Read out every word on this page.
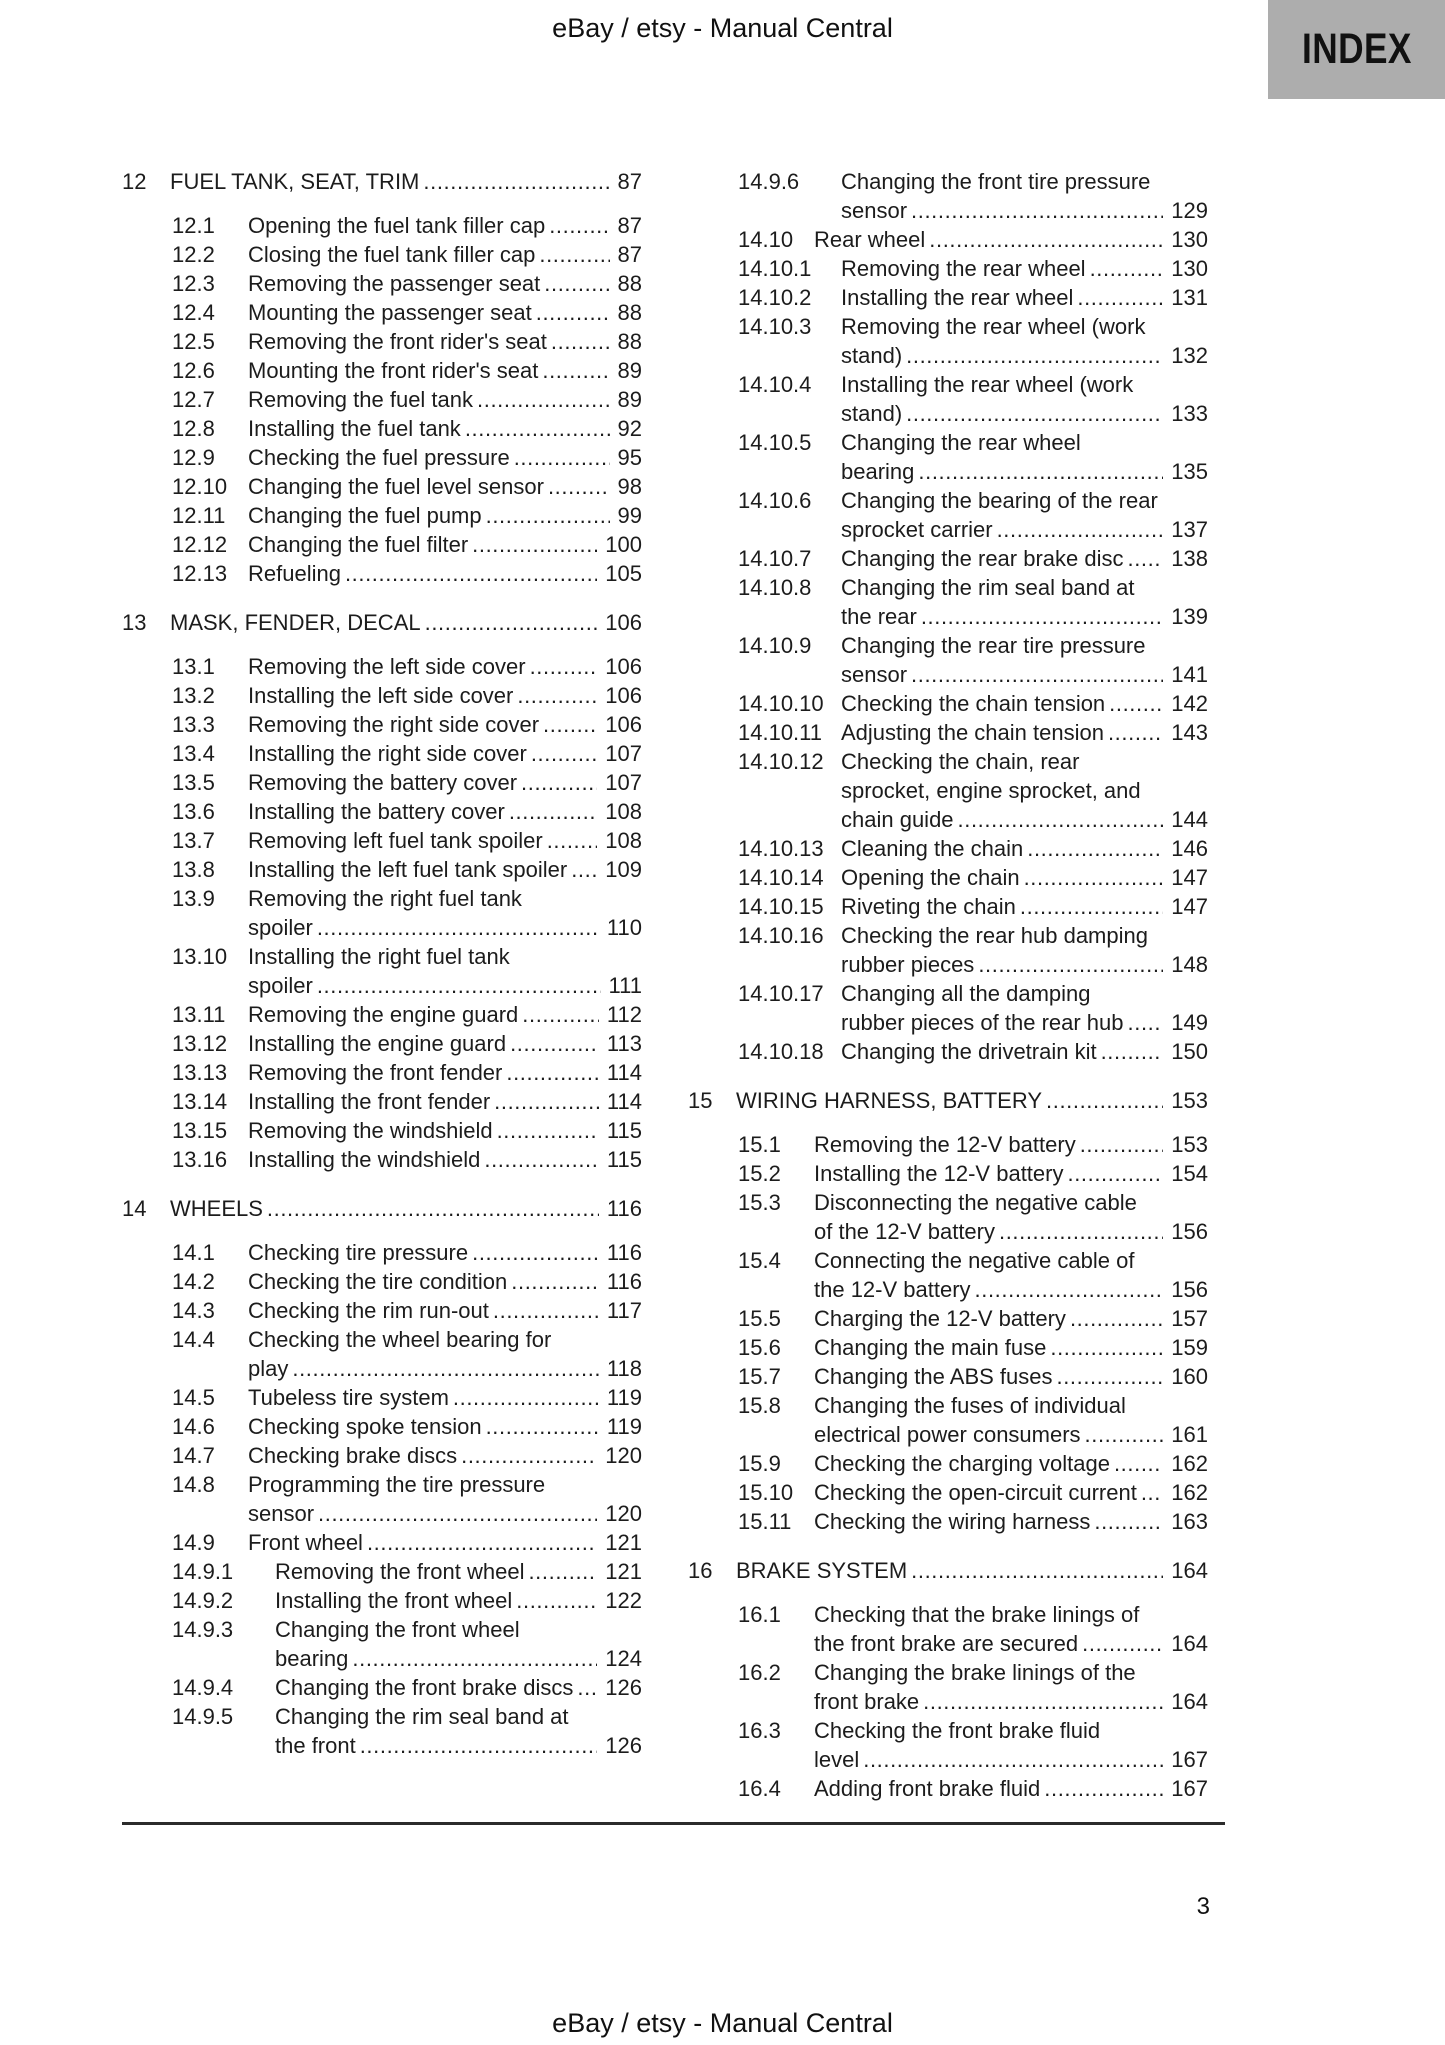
eBay / etsy - Manual Central	INDEX
12	FUEL TANK, SEAT, TRIM .....	87
12.1	Opening the fuel tank filler cap .....	87
12.2	Closing the fuel tank filler cap .....	87
12.3	Removing the passenger seat .....	88
12.4	Mounting the passenger seat .....	88
12.5	Removing the front rider's seat .....	88
12.6	Mounting the front rider's seat .....	89
12.7	Removing the fuel tank .....	89
12.8	Installing the fuel tank .....	92
12.9	Checking the fuel pressure .....	95
12.10 Changing the fuel level sensor .....	98
12.11	Changing the fuel pump .....	99
12.12 Changing the fuel filter .....	100
12.13 Refueling .....	105
13	MASK, FENDER, DECAL .....	106
13.1	Removing the left side cover .....	106
13.2	Installing the left side cover .....	106
13.3	Removing the right side cover .....	106
13.4	Installing the right side cover .....	107
13.5	Removing the battery cover .....	107
13.6	Installing the battery cover .....	108
13.7	Removing left fuel tank spoiler .....	108
13.8	Installing the left fuel tank spoiler ..... 109
13.9	Removing the right fuel tank
spoiler .....	110
13.10 Installing the right fuel tank
spoiler .....	111
13.11	Removing the engine guard .....	112
13.12 Installing the engine guard .....	113
13.13 Removing the front fender .....	114
13.14 Installing the front fender .....	114
13.15 Removing the windshield .....	115
13.16 Installing the windshield .....	115
14	WHEELS .....	116
14.1	Checking tire pressure .....	116
14.2	Checking the tire condition .....	116
14.3	Checking the rim run-out .....	117
14.4	Checking the wheel bearing for
play .....	118
14.5	Tubeless tire system .....	119
14.6	Checking spoke tension .....	119
14.7	Checking brake discs .....	120
14.8	Programming the tire pressure
sensor .....	120
14.9	Front wheel .....	121
14.9.1	Removing the front wheel .....	121
14.9.2	Installing the front wheel .....	122
14.9.3	Changing the front wheel
bearing .....	124
14.9.4	Changing the front brake discs ..... 126
14.9.5	Changing the rim seal band at
the front .....	126
14.9.6	Changing the front tire pressure
sensor .....	129
14.10 Rear wheel .....	130
14.10.1	Removing the rear wheel .....	130
14.10.2	Installing the rear wheel .....	131
14.10.3	Removing the rear wheel (work
stand) .....	132
14.10.4	Installing the rear wheel (work
stand) .....	133
14.10.5	Changing the rear wheel
bearing .....	135
14.10.6	Changing the bearing of the rear
sprocket carrier .....	137
14.10.7	Changing the rear brake disc ..... 138
14.10.8	Changing the rim seal band at
the rear .....	139
14.10.9	Changing the rear tire pressure
sensor .....	141
14.10.10 Checking the chain tension .....	142
14.10.11 Adjusting the chain tension .....	143
14.10.12 Checking the chain, rear
sprocket, engine sprocket, and
chain guide .....	144
14.10.13 Cleaning the chain .....	146
14.10.14 Opening the chain .....	147
14.10.15 Riveting the chain .....	147
14.10.16 Checking the rear hub damping
rubber pieces .....	148
14.10.17 Changing all the damping
rubber pieces of the rear hub ..... 149
14.10.18 Changing the drivetrain kit .....	150
15	WIRING HARNESS, BATTERY .....	153
15.1	Removing the 12-V battery .....	153
15.2	Installing the 12-V battery .....	154
15.3	Disconnecting the negative cable
of the 12-V battery .....	156
15.4	Connecting the negative cable of
the 12-V battery .....	156
15.5	Charging the 12-V battery .....	157
15.6	Changing the main fuse .....	159
15.7	Changing the ABS fuses .....	160
15.8	Changing the fuses of individual
electrical power consumers .....	161
15.9	Checking the charging voltage .....	162
15.10 Checking the open-circuit current ..... 162
15.11	Checking the wiring harness .....	163
16	BRAKE SYSTEM .....	164
16.1	Checking that the brake linings of
the front brake are secured .....	164
16.2	Changing the brake linings of the
front brake .....	164
16.3	Checking the front brake fluid
level .....	167
16.4	Adding front brake fluid .....	167
3
eBay / etsy - Manual Central
